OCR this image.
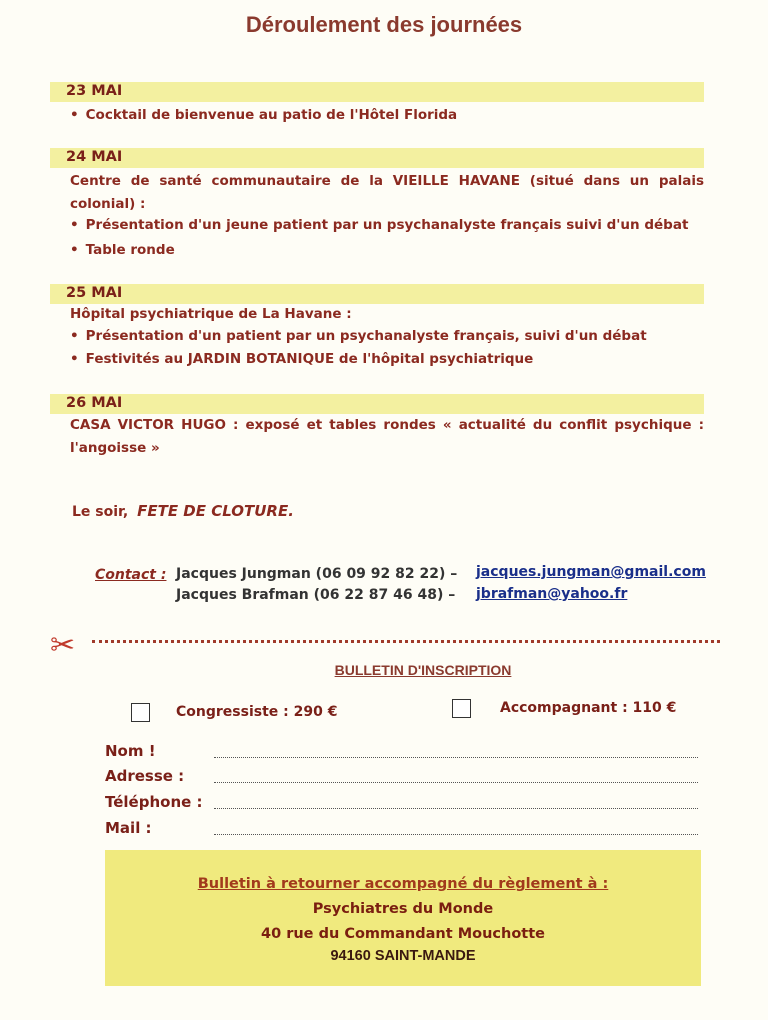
Déroulement des journées
23 MAI
• Cocktail de bienvenue au patio de l'Hôtel Florida
24 MAI
Centre de santé communautaire de la VIEILLE HAVANE (situé dans un palais colonial) :
• Présentation d'un jeune patient par un psychanalyste français suivi d'un débat
• Table ronde
25 MAI
Hôpital psychiatrique de La Havane :
• Présentation d'un patient par un psychanalyste français, suivi d'un débat
• Festivités au JARDIN BOTANIQUE de l'hôpital psychiatrique
26 MAI
CASA VICTOR HUGO : exposé et tables rondes « actualité du conflit psychique : l'angoisse »
Le soir, FETE DE CLOTURE.
Contact : Jacques Jungman (06 09 92 82 22) – jacques.jungman@gmail.com
Jacques Brafman (06 22 87 46 48) – jbrafman@yahoo.fr
✂
BULLETIN D'INSCRIPTION
Congressiste : 290 €	Accompagnant : 110 €
Nom !
Adresse :
Téléphone :
Mail :
Bulletin à retourner accompagné du règlement à :
Psychiatres du Monde
40 rue du Commandant Mouchotte
94160 SAINT-MANDE
